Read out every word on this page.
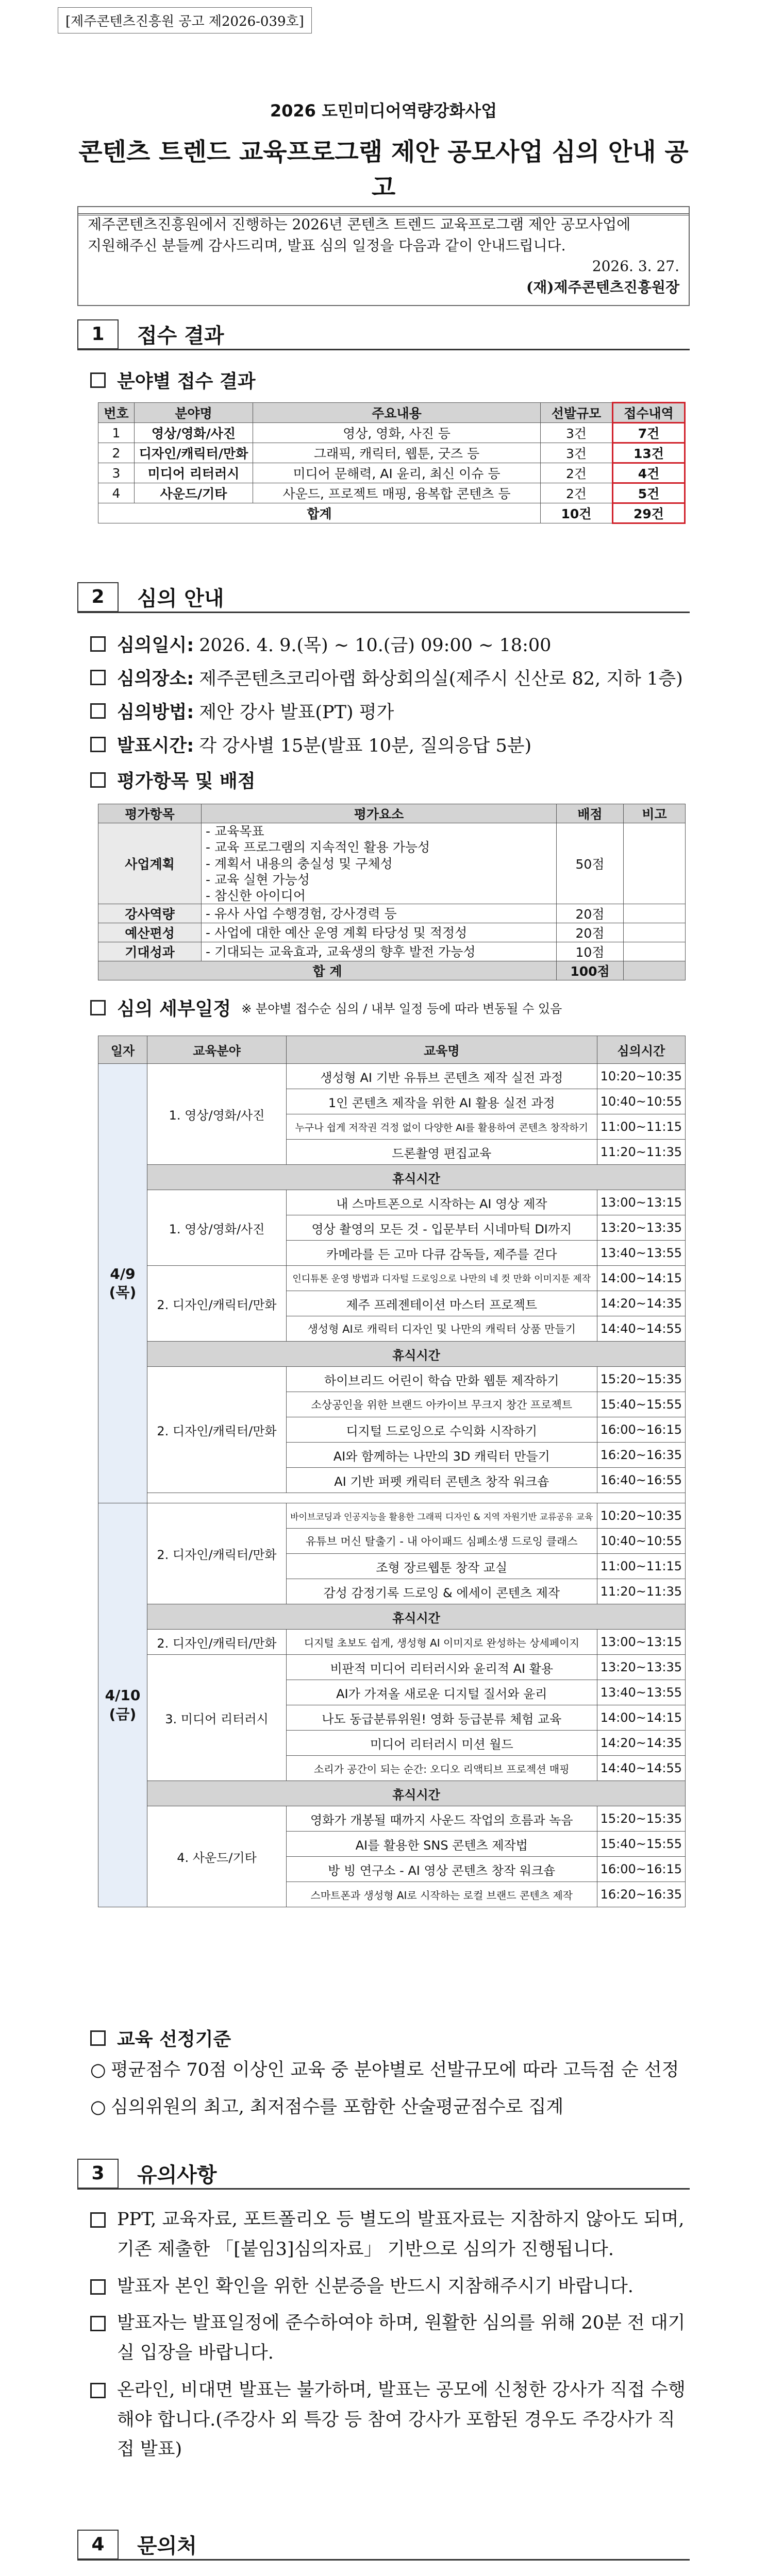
[제주콘텐츠진흥원 공고 제2026-039호]
2026 도민미디어역량강화사업
콘텐츠 트렌드 교육프로그램 제안 공모사업 심의 안내 공고
제주콘텐츠진흥원에서 진행하는 2026년 콘텐츠 트렌드 교육프로그램 제안 공모사업에
지원해주신 분들께 감사드리며, 발표 심의 일정을 다음과 같이 안내드립니다.
2026. 3. 27.
(재)제주콘텐츠진흥원장
1	접수 결과
분야별 접수 결과
번호	분야명	주요내용	선발규모	접수내역
1	영상/영화/사진	영상, 영화, 사진 등	3건	7건
2	디자인/캐릭터/만화	그래픽, 캐릭터, 웹툰, 굿즈 등	3건	13건
3	미디어 리터러시	미디어 문해력, AI 윤리, 최신 이슈 등	2건	4건
4	사운드/기타	사운드, 프로젝트 매핑, 융복합 콘텐츠 등	2건	5건
합계			10건	29건
2	심의 안내
심의일시: 2026. 4. 9.(목) ~ 10.(금) 09:00 ~ 18:00
심의장소: 제주콘텐츠코리아랩 화상회의실(제주시 신산로 82, 지하 1층)
심의방법: 제안 강사 발표(PT) 평가
발표시간: 각 강사별 15분(발표 10분, 질의응답 5분)
평가항목 및 배점
평가항목	평가요소	배점	비고
사업계획	- 교육목표
- 교육 프로그램의 지속적인 활용 가능성
- 계획서 내용의 충실성 및 구체성
- 교육 실현 가능성
- 참신한 아이디어	50점	
강사역량	- 유사 사업 수행경험, 강사경력 등	20점	
예산편성	- 사업에 대한 예산 운영 계획 타당성 및 적정성	20점	
기대성과	- 기대되는 교육효과, 교육생의 향후 발전 가능성	10점	
합 계		100점	
심의 세부일정 ※ 분야별 접수순 심의 / 내부 일정 등에 따라 변동될 수 있음
일자	교육분야	교육명	심의시간
4/9 (목)	1. 영상/영화/사진	생성형 AI 기반 유튜브 콘텐츠 제작 실전 과정	10:20~10:35
		1인 콘텐츠 제작을 위한 AI 활용 실전 과정	10:40~10:55
		누구나 쉽게 저작권 걱정 없이 다양한 AI를 활용하여 콘텐츠 창작하기	11:00~11:15
		드론촬영 편집교육	11:20~11:35
	휴식시간		
	1. 영상/영화/사진	내 스마트폰으로 시작하는 AI 영상 제작	13:00~13:15
		영상 촬영의 모든 것 - 입문부터 시네마틱 DI까지	13:20~13:35
		카메라를 든 고마 다큐 감독들, 제주를 걷다	13:40~13:55
	2. 디자인/캐릭터/만화	인디튜톤 운영 방법과 디자털 드로잉으로 나만의 네 컷 만화 이미지툰 제작	14:00~14:15
		제주 프레젠테이션 마스터 프로젝트	14:20~14:35
		생성형 AI로 캐릭터 디자인 및 나만의 캐릭터 상품 만들기	14:40~14:55
	휴식시간		
	2. 디자인/캐릭터/만화	하이브리드 어린이 학습 만화 웹툰 제작하기	15:20~15:35
		소상공인을 위한 브랜드 아카이브 무크지 창간 프로젝트	15:40~15:55
		디지털 드로잉으로 수익화 시작하기	16:00~16:15
		AI와 함께하는 나만의 3D 캐릭터 만들기	16:20~16:35
		AI 기반 퍼펫 캐릭터 콘텐츠 창작 워크숍	16:40~16:55

4/10 (금)	2. 디자인/캐릭터/만화	바이브코딩과 인공지능을 활용한 그래픽 디자인 & 지역 자원기반 교류공유 교육	10:20~10:35
		유튜브 머신 탈출기 - 내 아이패드 심폐소생 드로잉 클래스	10:40~10:55
		조형 장르웹툰 창작 교실	11:00~11:15
		감성 감정기록 드로잉 & 에세이 콘텐츠 제작	11:20~11:35
	휴식시간		
	2. 디자인/캐릭터/만화	디지털 초보도 쉽게, 생성형 AI 이미지로 완성하는 상세페이지	13:00~13:15
	3. 미디어 리터러시	비판적 미디어 리터러시와 윤리적 AI 활용	13:20~13:35
		AI가 가져올 새로운 디지털 질서와 윤리	13:40~13:55
		나도 동급분류위원! 영화 등급분류 체험 교육	14:00~14:15
		미디어 리터러시 미션 월드	14:20~14:35
		소리가 공간이 되는 순간: 오디오 리액티브 프로젝션 매핑	14:40~14:55
	휴식시간		
	4. 사운드/기타	영화가 개봉될 때까지 사운드 작업의 흐름과 녹음	15:20~15:35
		AI를 활용한 SNS 콘텐츠 제작법	15:40~15:55
		방 빙 연구소 - AI 영상 콘텐츠 창작 워크숍	16:00~16:15
		스마트폰과 생성형 AI로 시작하는 로컬 브랜드 콘텐츠 제작	16:20~16:35
교육 선정기준
○ 평균점수 70점 이상인 교육 중 분야별로 선발규모에 따라 고득점 순 선정
○ 심의위원의 최고, 최저점수를 포함한 산술평균점수로 집계
3	유의사항
PPT, 교육자료, 포트폴리오 등 별도의 발표자료는 지참하지 않아도 되며, 기존 제출한 「[붙임3]심의자료」 기반으로 심의가 진행됩니다.
발표자 본인 확인을 위한 신분증을 반드시 지참해주시기 바랍니다.
발표자는 발표일정에 준수하여야 하며, 원활한 심의를 위해 20분 전 대기실 입장을 바랍니다.
온라인, 비대면 발표는 불가하며, 발표는 공모에 신청한 강사가 직접 수행해야 합니다.(주강사 외 특강 등 참여 강사가 포함된 경우도 주강사가 직접 발표)
4	문의처
